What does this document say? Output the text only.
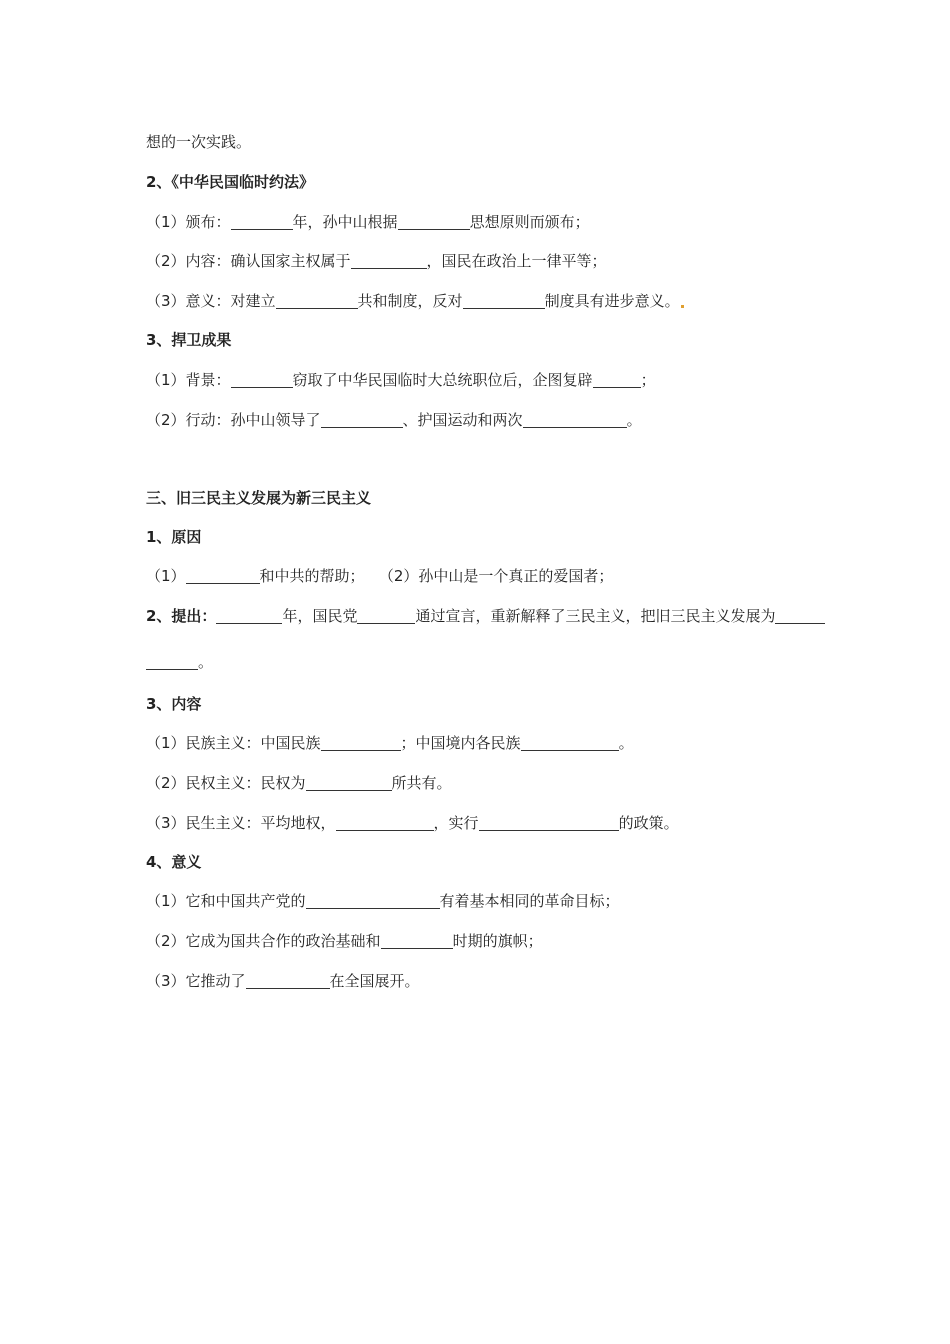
想的一次实践。
2、《中华民国临时约法》
（1）颁布：	年，孙中山根据	思想原则而颁布；
（2）内容：确认国家主权属于	，国民在政治上一律平等；
（3）意义：对建立	共和制度，反对	制度具有进步意义。
3、捍卫成果
（1）背景：	窃取了中华民国临时大总统职位后，企图复辟	；
（2）行动：孙中山领导了	、护国运动和两次	。
三、旧三民主义发展为新三民主义
1、原因
（1）	和中共的帮助； （2）孙中山是一个真正的爱国者；
2、提出：	年，国民党	通过宣言，重新解释了三民主义，把旧三民主义发展为
。
3、内容
（1）民族主义：中国民族	；中国境内各民族	。
（2）民权主义：民权为	所共有。
（3）民生主义：平均地权，	，实行	的政策。
4、意义
（1）它和中国共产党的	有着基本相同的革命目标；
（2）它成为国共合作的政治基础和	时期的旗帜；
（3）它推动了	在全国展开。
